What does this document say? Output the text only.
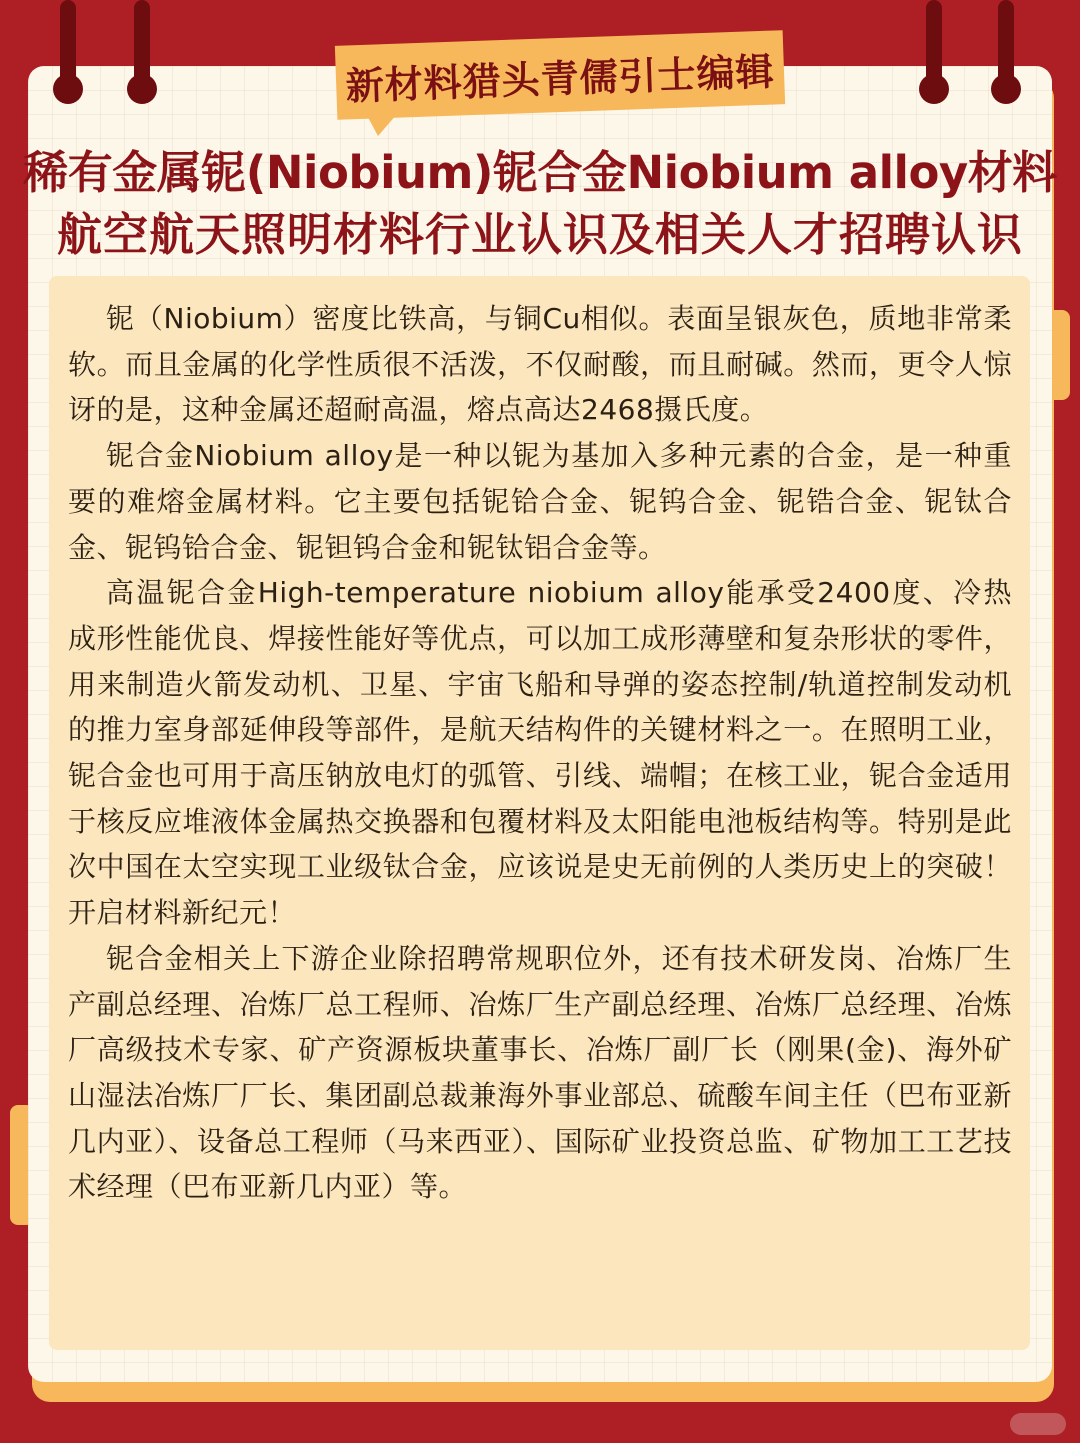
新材料猎头青儒引士编辑
稀有金属铌(Niobium)铌合金Niobium alloy材料
航空航天照明材料行业认识及相关人才招聘认识

铌（Niobium）密度比铁高，与铜Cu相似。表面呈银灰色，质地非常柔软。而且金属的化学性质很不活泼，不仅耐酸，而且耐碱。然而，更令人惊讶的是，这种金属还超耐高温，熔点高达2468摄氏度。

铌合金Niobium alloy是一种以铌为基加入多种元素的合金，是一种重要的难熔金属材料。它主要包括铌铪合金、铌钨合金、铌锆合金、铌钛合金、铌钨铪合金、铌钽钨合金和铌钛铝合金等。

高温铌合金High-temperature niobium alloy能承受2400度、冷热成形性能优良、焊接性能好等优点，可以加工成形薄壁和复杂形状的零件，用来制造火箭发动机、卫星、宇宙飞船和导弹的姿态控制/轨道控制发动机的推力室身部延伸段等部件，是航天结构件的关键材料之一。在照明工业，铌合金也可用于高压钠放电灯的弧管、引线、端帽；在核工业，铌合金适用于核反应堆液体金属热交换器和包覆材料及太阳能电池板结构等。特别是此次中国在太空实现工业级钛合金，应该说是史无前例的人类历史上的突破！开启材料新纪元！

铌合金相关上下游企业除招聘常规职位外，还有技术研发岗、冶炼厂生产副总经理、冶炼厂总工程师、冶炼厂生产副总经理、冶炼厂总经理、冶炼厂高级技术专家、矿产资源板块董事长、冶炼厂副厂长（刚果(金)、海外矿山湿法冶炼厂厂长、集团副总裁兼海外事业部总、硫酸车间主任（巴布亚新几内亚）、设备总工程师（马来西亚）、国际矿业投资总监、矿物加工工艺技术经理（巴布亚新几内亚）等。
